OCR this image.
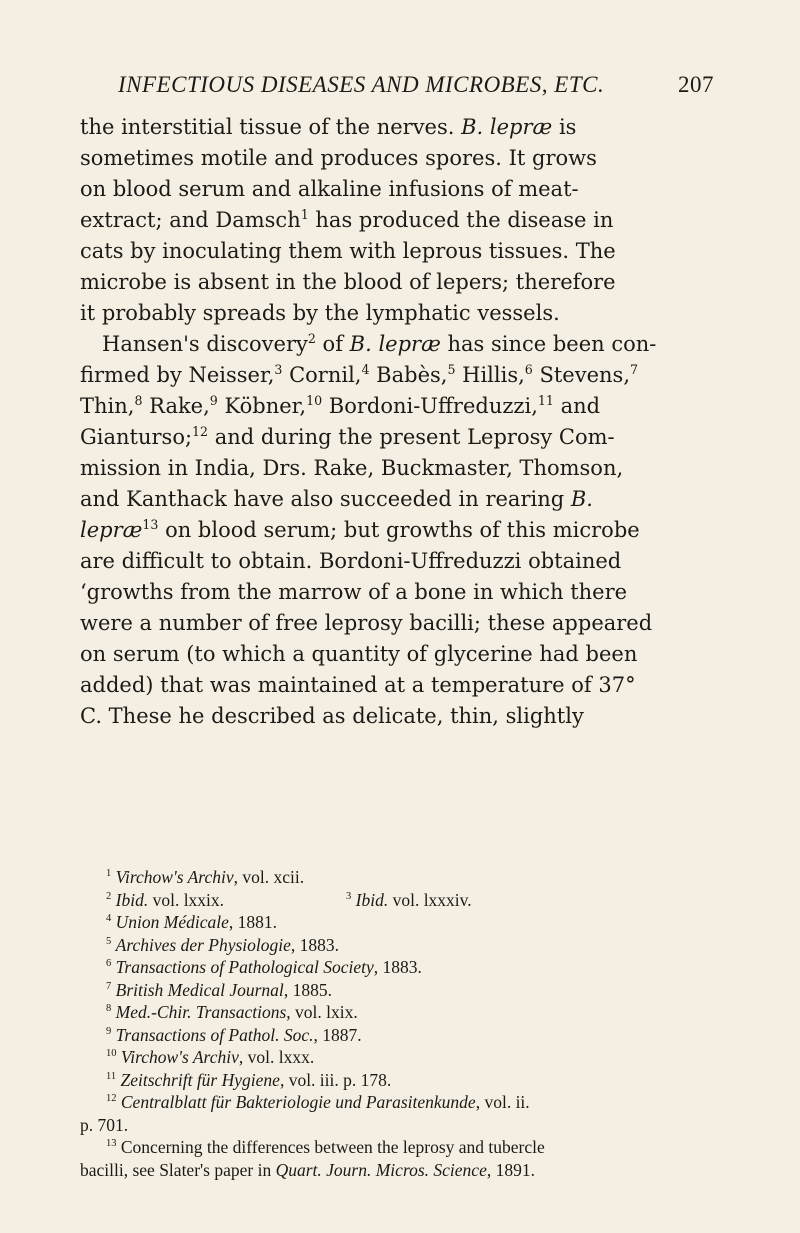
INFECTIOUS DISEASES AND MICROBES, ETC.	207
the interstitial tissue of the nerves. B. lepræ is
sometimes motile and produces spores. It grows
on blood serum and alkaline infusions of meat-
extract; and Damsch$^1$ has produced the disease in
cats by inoculating them with leprous tissues. The
microbe is absent in the blood of lepers; therefore
it probably spreads by the lymphatic vessels.
Hansen's discovery$^2$ of B. lepræ has since been con-
firmed by Neisser,$^3$ Cornil,$^4$ Babès,$^5$ Hillis,$^6$ Stevens,$^7$
Thin,$^8$ Rake,$^9$ Köbner,$^{10}$ Bordoni-Uffreduzzi,$^{11}$ and
Gianturso;$^{12}$ and during the present Leprosy Com-
mission in India, Drs. Rake, Buckmaster, Thomson,
and Kanthack have also succeeded in rearing B.
lepræ$^{13}$ on blood serum; but growths of this microbe
are difficult to obtain. Bordoni-Uffreduzzi obtained
‘growths from the marrow of a bone in which there
were a number of free leprosy bacilli; these appeared
on serum (to which a quantity of glycerine had been
added) that was maintained at a temperature of 37°
C. These he described as delicate, thin, slightly
$^1$ Virchow's Archiv, vol. xcii.
$^2$ Ibid. vol. lxxix.	$^3$ Ibid. vol. lxxxiv.
$^4$ Union Médicale, 1881.
$^5$ Archives der Physiologie, 1883.
$^6$ Transactions of Pathological Society, 1883.
$^7$ British Medical Journal, 1885.
$^8$ Med.-Chir. Transactions, vol. lxix.
$^9$ Transactions of Pathol. Soc., 1887.
$^{10}$ Virchow's Archiv, vol. lxxx.
$^{11}$ Zeitschrift für Hygiene, vol. iii. p. 178.
$^{12}$ Centralblatt für Bakteriologie und Parasitenkunde, vol. ii.
p. 701.
$^{13}$ Concerning the differences between the leprosy and tubercle
bacilli, see Slater's paper in Quart. Journ. Micros. Science, 1891.
